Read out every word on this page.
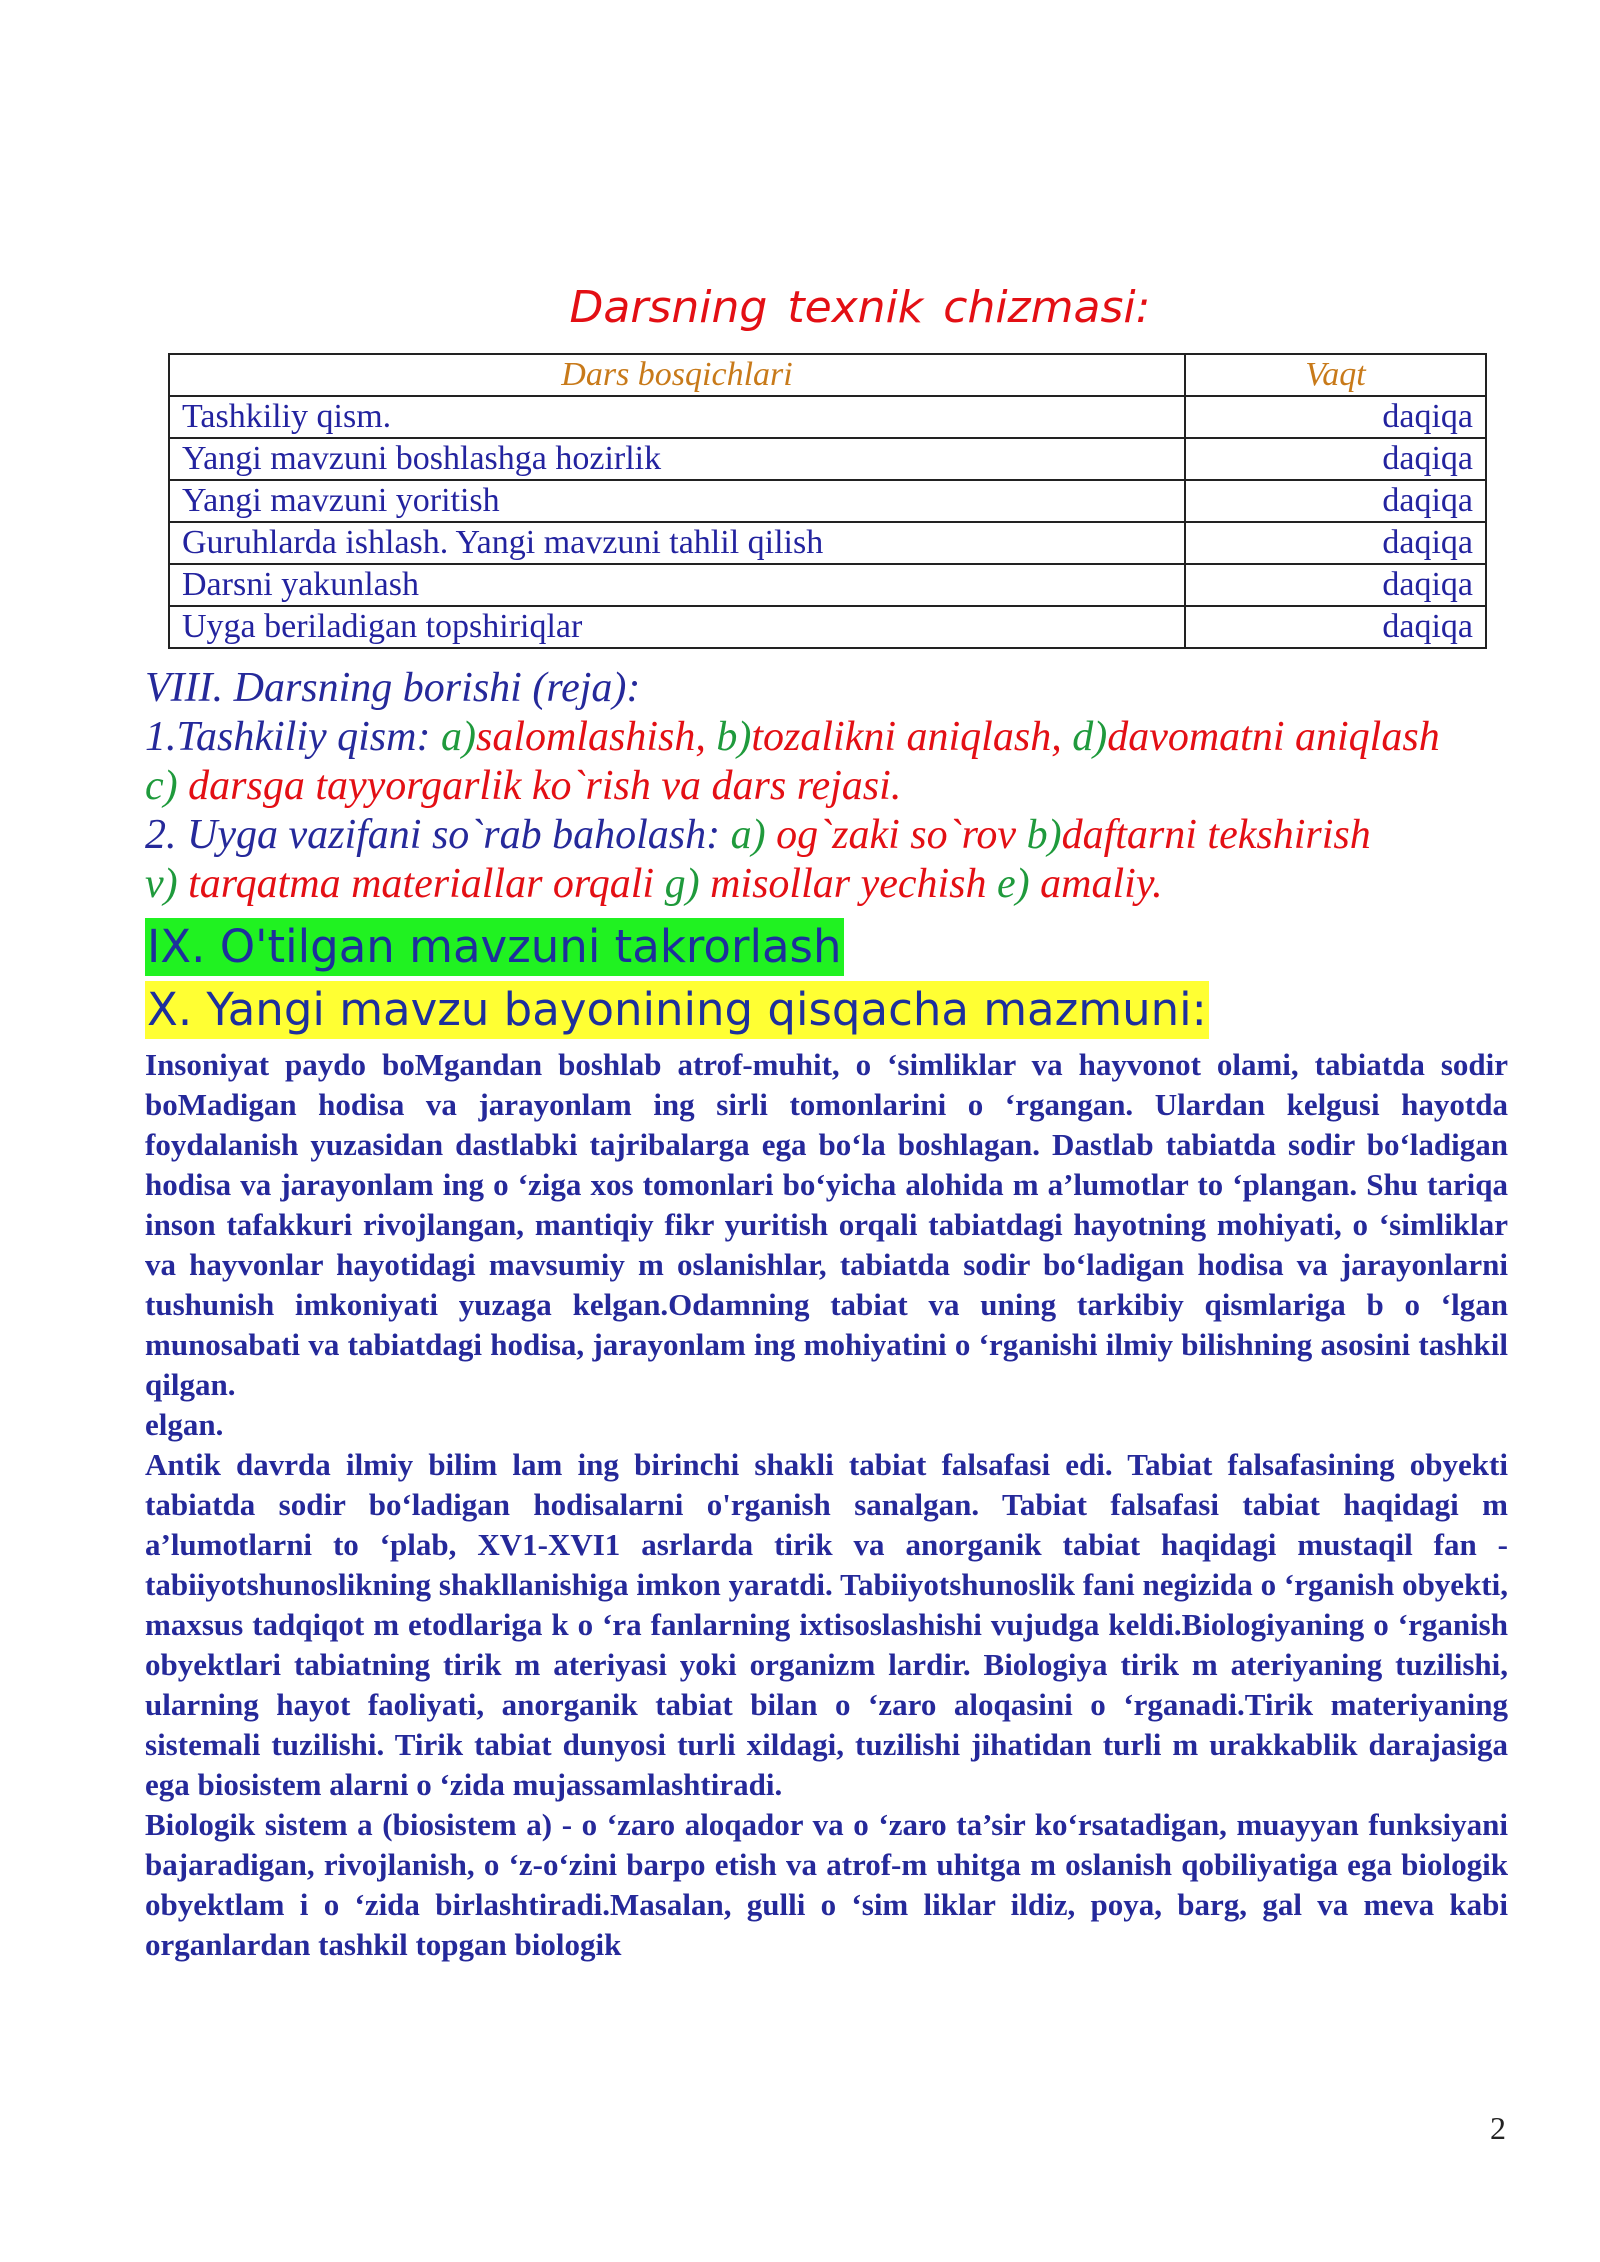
Darsning texnik chizmasi:
Dars bosqichlari	Vaqt
Tashkiliy qism.	daqiqa
Yangi mavzuni boshlashga hozirlik	daqiqa
Yangi mavzuni yoritish	daqiqa
Guruhlarda ishlash. Yangi mavzuni tahlil qilish	daqiqa
Darsni yakunlash	daqiqa
Uyga beriladigan topshiriqlar	daqiqa
VIII. Darsning borishi (reja):
1.Tashkiliy qism: a)salomlashish, b)tozalikni aniqlash, d)davomatni aniqlash
c) darsga tayyorgarlik ko`rish va dars rejasi.
2. Uyga vazifani so`rab baholash: a) og`zaki so`rov b)daftarni tekshirish
v) tarqatma materiallar orqali g) misollar yechish e) amaliy.
IX. O'tilgan mavzuni takrorlash
X. Yangi mavzu bayonining qisqacha mazmuni:

Insoniyat paydo boMgandan boshlab atrof-muhit, o ‘simliklar va hayvonot olami, tabiatda sodir boMadigan hodisa va jarayonlam ing sirli tomonlarini o ‘rgangan. Ulardan kelgusi hayotda foydalanish yuzasidan dastlabki tajribalarga ega bo‘la boshlagan. Dastlab tabiatda sodir bo‘ladigan hodisa va jarayonlam ing o ‘ziga xos tomonlari bo‘yicha alohida m a’lumotlar to ‘plangan. Shu tariqa inson tafakkuri rivojlangan, mantiqiy fikr yuritish orqali tabiatdagi hayotning mohiyati, o ‘simliklar va hayvonlar hayotidagi mavsumiy m oslanishlar, tabiatda sodir bo‘ladigan hodisa va jarayonlarni tushunish imkoniyati yuzaga kelgan.Odamning tabiat va uning tarkibiy qismlariga b o ‘lgan munosabati va tabiatdagi hodisa, jarayonlam ing mohiyatini o ‘rganishi ilmiy bilishning asosini tashkil qilgan.

elgan.

Antik davrda ilmiy bilim lam ing birinchi shakli tabiat falsafasi edi. Tabiat falsafasining obyekti tabiatda sodir bo‘ladigan hodisalarni o'rganish sanalgan. Tabiat falsafasi tabiat haqidagi m a’lumotlarni to ‘plab, XV1-XVI1 asrlarda tirik va anorganik tabiat haqidagi mustaqil fan - tabiiyotshunoslikning shakllanishiga imkon yaratdi. Tabiiyotshunoslik fani negizida o ‘rganish obyekti, maxsus tadqiqot m etodlariga k o ‘ra fanlarning ixtisoslashishi vujudga keldi.Biologiyaning o ‘rganish obyektlari tabiatning tirik m ateriyasi yoki organizm lardir. Biologiya tirik m ateriyaning tuzilishi, ularning hayot faoliyati, anorganik tabiat bilan o ‘zaro aloqasini o ‘rganadi.Tirik materiyaning sistemali tuzilishi. Tirik tabiat dunyosi turli xildagi, tuzilishi jihatidan turli m urakkablik darajasiga ega biosistem alarni o ‘zida mujassamlashtiradi.

Biologik sistem a (biosistem a) - o ‘zaro aloqador va o ‘zaro ta’sir ko‘rsatadigan, muayyan funksiyani bajaradigan, rivojlanish, o ‘z-o‘zini barpo etish va atrof-m uhitga m oslanish qobiliyatiga ega biologik obyektlam i o ‘zida birlashtiradi.Masalan, gulli o ‘sim liklar ildiz, poya, barg, gal va meva kabi organlardan tashkil topgan biologik

2
